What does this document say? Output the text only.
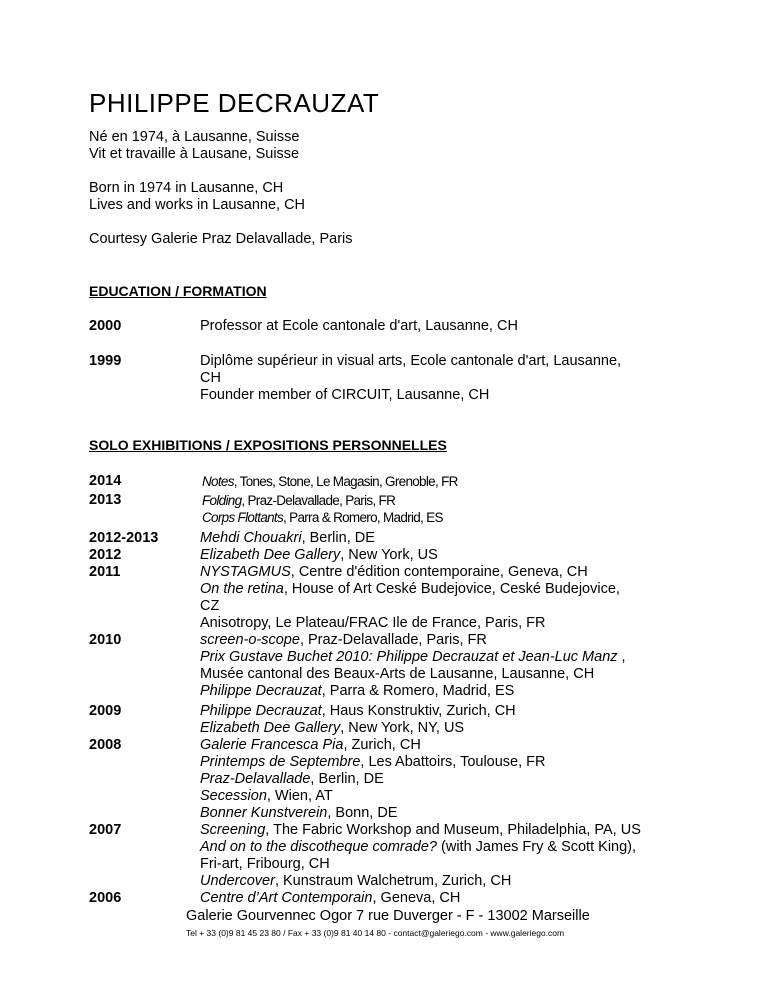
PHILIPPE DECRAUZAT
Né en 1974, à Lausanne, Suisse
Vit et travaille à Lausane, Suisse
Born in 1974 in Lausanne, CH
Lives and works in Lausanne, CH
Courtesy Galerie Praz Delavallade, Paris
EDUCATION / FORMATION
2000	Professor at Ecole cantonale d'art, Lausanne, CH
1999	Diplôme supérieur in visual arts, Ecole cantonale d'art, Lausanne,
CH
Founder member of CIRCUIT, Lausanne, CH
SOLO EXHIBITIONS / EXPOSITIONS PERSONNELLES
2014
2013
2012-2013
2012
2011
2010
2009
2008
2007
2006
Notes, Tones, Stone, Le Magasin, Grenoble, FR
Folding, Praz-Delavallade, Paris, FR
Corps Flottants, Parra & Romero, Madrid, ES
Mehdi Chouakri, Berlin, DE
Elizabeth Dee Gallery, New York, US
NYSTAGMUS, Centre d'édition contemporaine, Geneva, CH
On the retina, House of Art Ceské Budejovice, Ceské Budejovice,
CZ
Anisotropy, Le Plateau/FRAC Ile de France, Paris, FR
screen-o-scope, Praz-Delavallade, Paris, FR
Prix Gustave Buchet 2010: Philippe Decrauzat et Jean-Luc Manz ,
Musée cantonal des Beaux-Arts de Lausanne, Lausanne, CH
Philippe Decrauzat, Parra & Romero, Madrid, ES
Philippe Decrauzat, Haus Konstruktiv, Zurich, CH
Elizabeth Dee Gallery, New York, NY, US
Galerie Francesca Pia, Zurich, CH
Printemps de Septembre, Les Abattoirs, Toulouse, FR
Praz-Delavallade, Berlin, DE
Secession, Wien, AT
Bonner Kunstverein, Bonn, DE
Screening, The Fabric Workshop and Museum, Philadelphia, PA, US
And on to the discotheque comrade? (with James Fry & Scott King),
Fri-art, Fribourg, CH
Undercover, Kunstraum Walchetrum, Zurich, CH
Centre d’Art Contemporain, Geneva, CH
Galerie Gourvennec Ogor 7 rue Duverger - F - 13002 Marseille
Tel + 33 (0)9 81 45 23 80 / Fax + 33 (0)9 81 40 14 80 - contact@galeriego.com - www.galeriego.com
